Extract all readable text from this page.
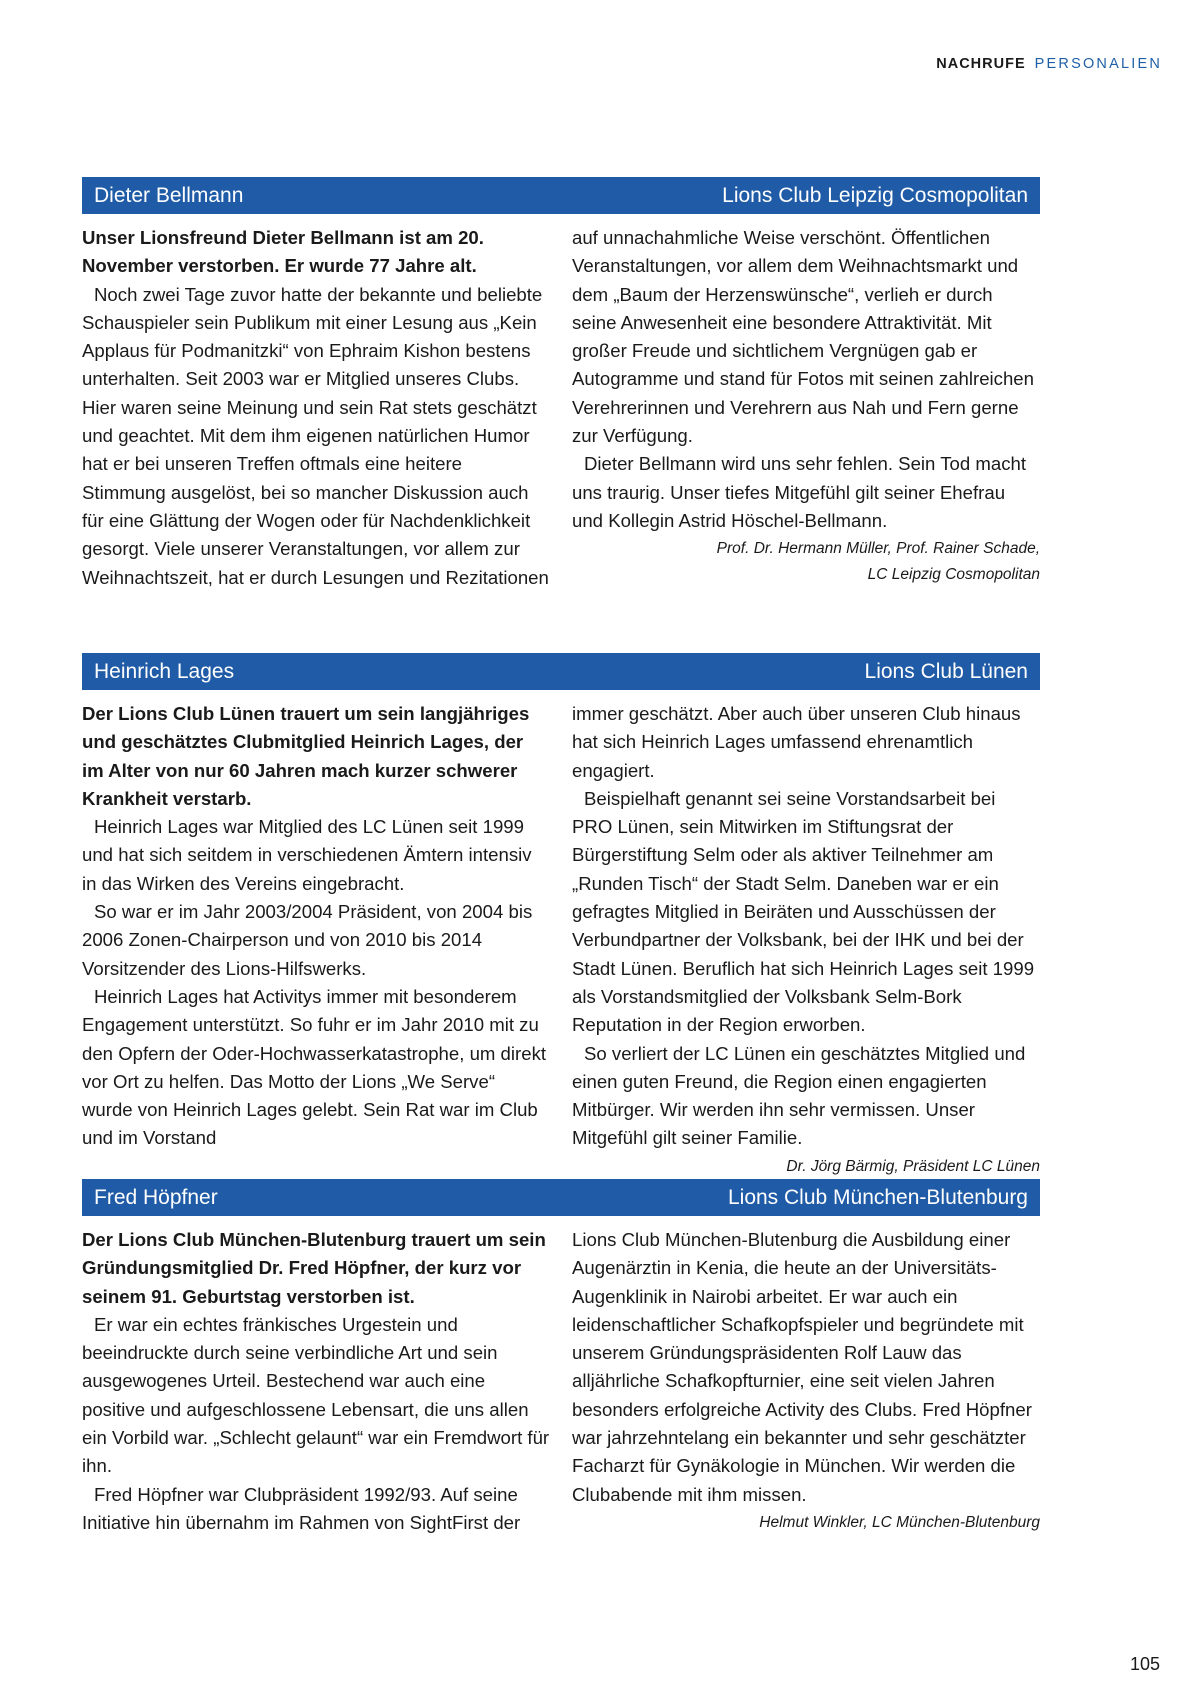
NACHRUFE PERSONALIEN
Dieter Bellmann	Lions Club Leipzig Cosmopolitan

Unser Lionsfreund Dieter Bellmann ist am 20. November verstorben. Er wurde 77 Jahre alt.

Noch zwei Tage zuvor hatte der bekannte und beliebte Schauspieler sein Publikum mit einer Lesung aus „Kein Applaus für Podmanitzki“ von Ephraim Kishon bestens unterhalten. Seit 2003 war er Mitglied unseres Clubs. Hier waren seine Meinung und sein Rat stets geschätzt und geachtet. Mit dem ihm eigenen natürlichen Humor hat er bei unseren Treffen oftmals eine heitere Stimmung ausgelöst, bei so mancher Diskussion auch für eine Glättung der Wogen oder für Nachdenklichkeit gesorgt. Viele unserer Veranstaltungen, vor allem zur Weihnachtszeit, hat er durch Lesungen und Rezitationen

auf unnachahmliche Weise verschönt. Öffentlichen Veranstaltungen, vor allem dem Weihnachtsmarkt und dem „Baum der Herzenswünsche“, verlieh er durch seine Anwesenheit eine besondere Attraktivität. Mit großer Freude und sichtlichem Vergnügen gab er Autogramme und stand für Fotos mit seinen zahlreichen Verehrerinnen und Verehrern aus Nah und Fern gerne zur Verfügung.

Dieter Bellmann wird uns sehr fehlen. Sein Tod macht uns traurig. Unser tiefes Mitgefühl gilt seiner Ehefrau und Kollegin Astrid Höschel-Bellmann.

Prof. Dr. Hermann Müller, Prof. Rainer Schade,

LC Leipzig Cosmopolitan

Heinrich Lages	Lions Club Lünen

Der Lions Club Lünen trauert um sein langjähriges und geschätztes Clubmitglied Heinrich Lages, der im Alter von nur 60 Jahren mach kurzer schwerer Krankheit verstarb.

Heinrich Lages war Mitglied des LC Lünen seit 1999 und hat sich seitdem in verschiedenen Ämtern intensiv in das Wirken des Vereins eingebracht.

So war er im Jahr 2003/2004 Präsident, von 2004 bis 2006 Zonen-Chairperson und von 2010 bis 2014 Vorsitzender des Lions-Hilfswerks.

Heinrich Lages hat Activitys immer mit besonderem Engagement unterstützt. So fuhr er im Jahr 2010 mit zu den Opfern der Oder-Hochwasserkatastrophe, um direkt vor Ort zu helfen. Das Motto der Lions „We Serve“ wurde von Heinrich Lages gelebt. Sein Rat war im Club und im Vorstand

immer geschätzt. Aber auch über unseren Club hinaus hat sich Heinrich Lages umfassend ehrenamtlich engagiert.

Beispielhaft genannt sei seine Vorstandsarbeit bei PRO Lünen, sein Mitwirken im Stiftungsrat der Bürgerstiftung Selm oder als aktiver Teilnehmer am „Runden Tisch“ der Stadt Selm. Daneben war er ein gefragtes Mitglied in Beiräten und Ausschüssen der Verbundpartner der Volksbank, bei der IHK und bei der Stadt Lünen. Beruflich hat sich Heinrich Lages seit 1999 als Vorstandsmitglied der Volksbank Selm-Bork Reputation in der Region erworben.

So verliert der LC Lünen ein geschätztes Mitglied und einen guten Freund, die Region einen engagierten Mitbürger. Wir werden ihn sehr vermissen. Unser Mitgefühl gilt seiner Familie.

Dr. Jörg Bärmig, Präsident LC Lünen

Fred Höpfner	Lions Club München-Blutenburg

Der Lions Club München-Blutenburg trauert um sein Gründungsmitglied Dr. Fred Höpfner, der kurz vor seinem 91. Geburtstag verstorben ist.

Er war ein echtes fränkisches Urgestein und beeindruckte durch seine verbindliche Art und sein ausgewogenes Urteil. Bestechend war auch eine positive und aufgeschlossene Lebensart, die uns allen ein Vorbild war. „Schlecht gelaunt“ war ein Fremdwort für ihn.

Fred Höpfner war Clubpräsident 1992/93. Auf seine Initiative hin übernahm im Rahmen von SightFirst der

Lions Club München-Blutenburg die Ausbildung einer Augenärztin in Kenia, die heute an der Universitäts-Augenklinik in Nairobi arbeitet. Er war auch ein leidenschaftlicher Schafkopfspieler und begründete mit unserem Gründungspräsidenten Rolf Lauw das alljährliche Schafkopfturnier, eine seit vielen Jahren besonders erfolgreiche Activity des Clubs. Fred Höpfner war jahrzehntelang ein bekannter und sehr geschätzter Facharzt für Gynäkologie in München. Wir werden die Clubabende mit ihm missen.

Helmut Winkler, LC München-Blutenburg

105
